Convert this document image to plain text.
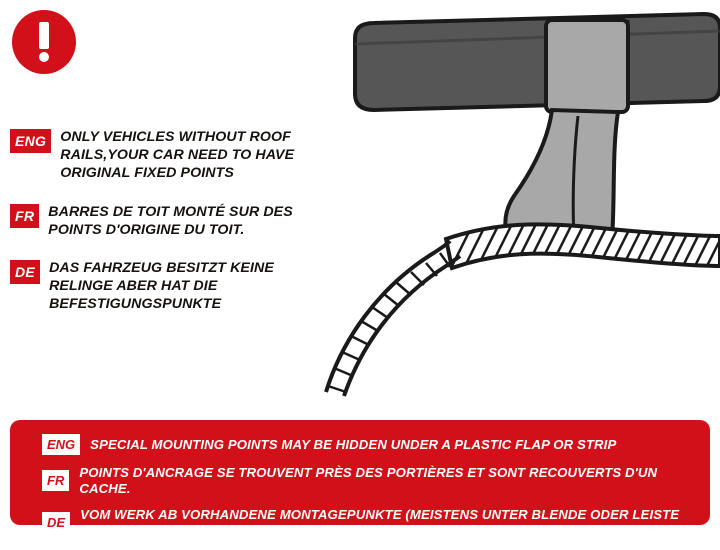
ENG ONLY VEHICLES WITHOUT ROOF RAILS,YOUR CAR NEED TO HAVE ORIGINAL FIXED POINTS
FR BARRES DE TOIT MONTÉ SUR DES POINTS D'ORIGINE DU TOIT.
DE DAS FAHRZEUG BESITZT KEINE RELINGE ABER HAT DIE BEFESTIGUNGSPUNKTE
ENG	SPECIAL MOUNTING POINTS MAY BE HIDDEN UNDER A PLASTIC FLAP OR STRIP
FR
POINTS D'ANCRAGE SE TROUVENT PRÈS DES PORTIÈRES ET SONT RECOUVERTS D'UN CACHE.
DE
VOM WERK AB VORHANDENE MONTAGEPUNKTE (MEISTENS UNTER BLENDE ODER LEISTE VERSTECKT)
